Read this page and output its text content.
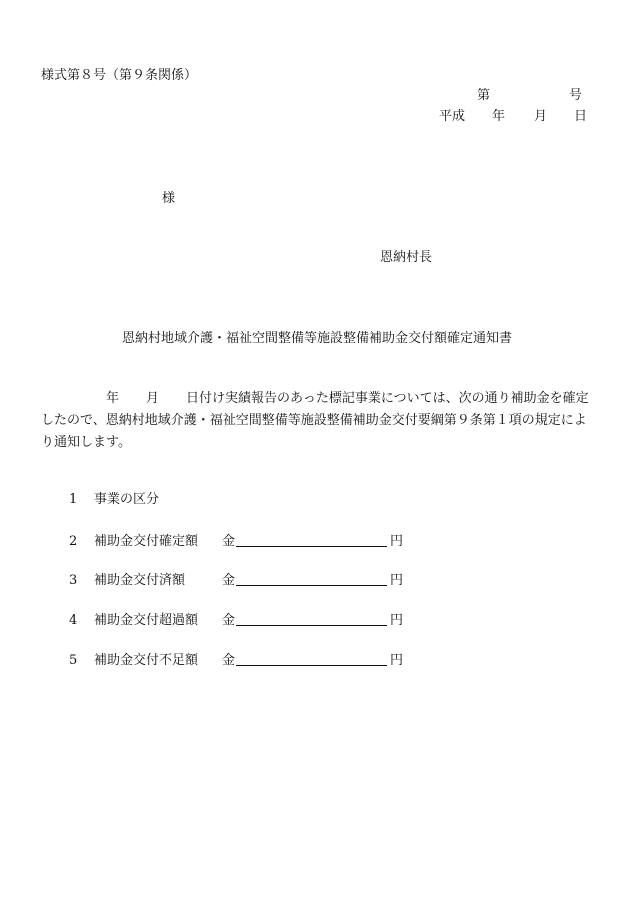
様式第８号（第９条関係）
第	号
平成 年 月 日
様
恩納村長
恩納村地域介護・福祉空間整備等施設整備補助金交付額確定通知書
年 月 日付け実績報告のあった標記事業については、次の通り補助金を確定
したので、恩納村地域介護・福祉空間整備等施設整備補助金交付要綱第９条第１項の規定によ
り通知します。
1 事業の区分
2 補助金交付確定額 金	円
3 補助金交付済額	金	円
4 補助金交付超過額 金	円
5 補助金交付不足額 金	円
